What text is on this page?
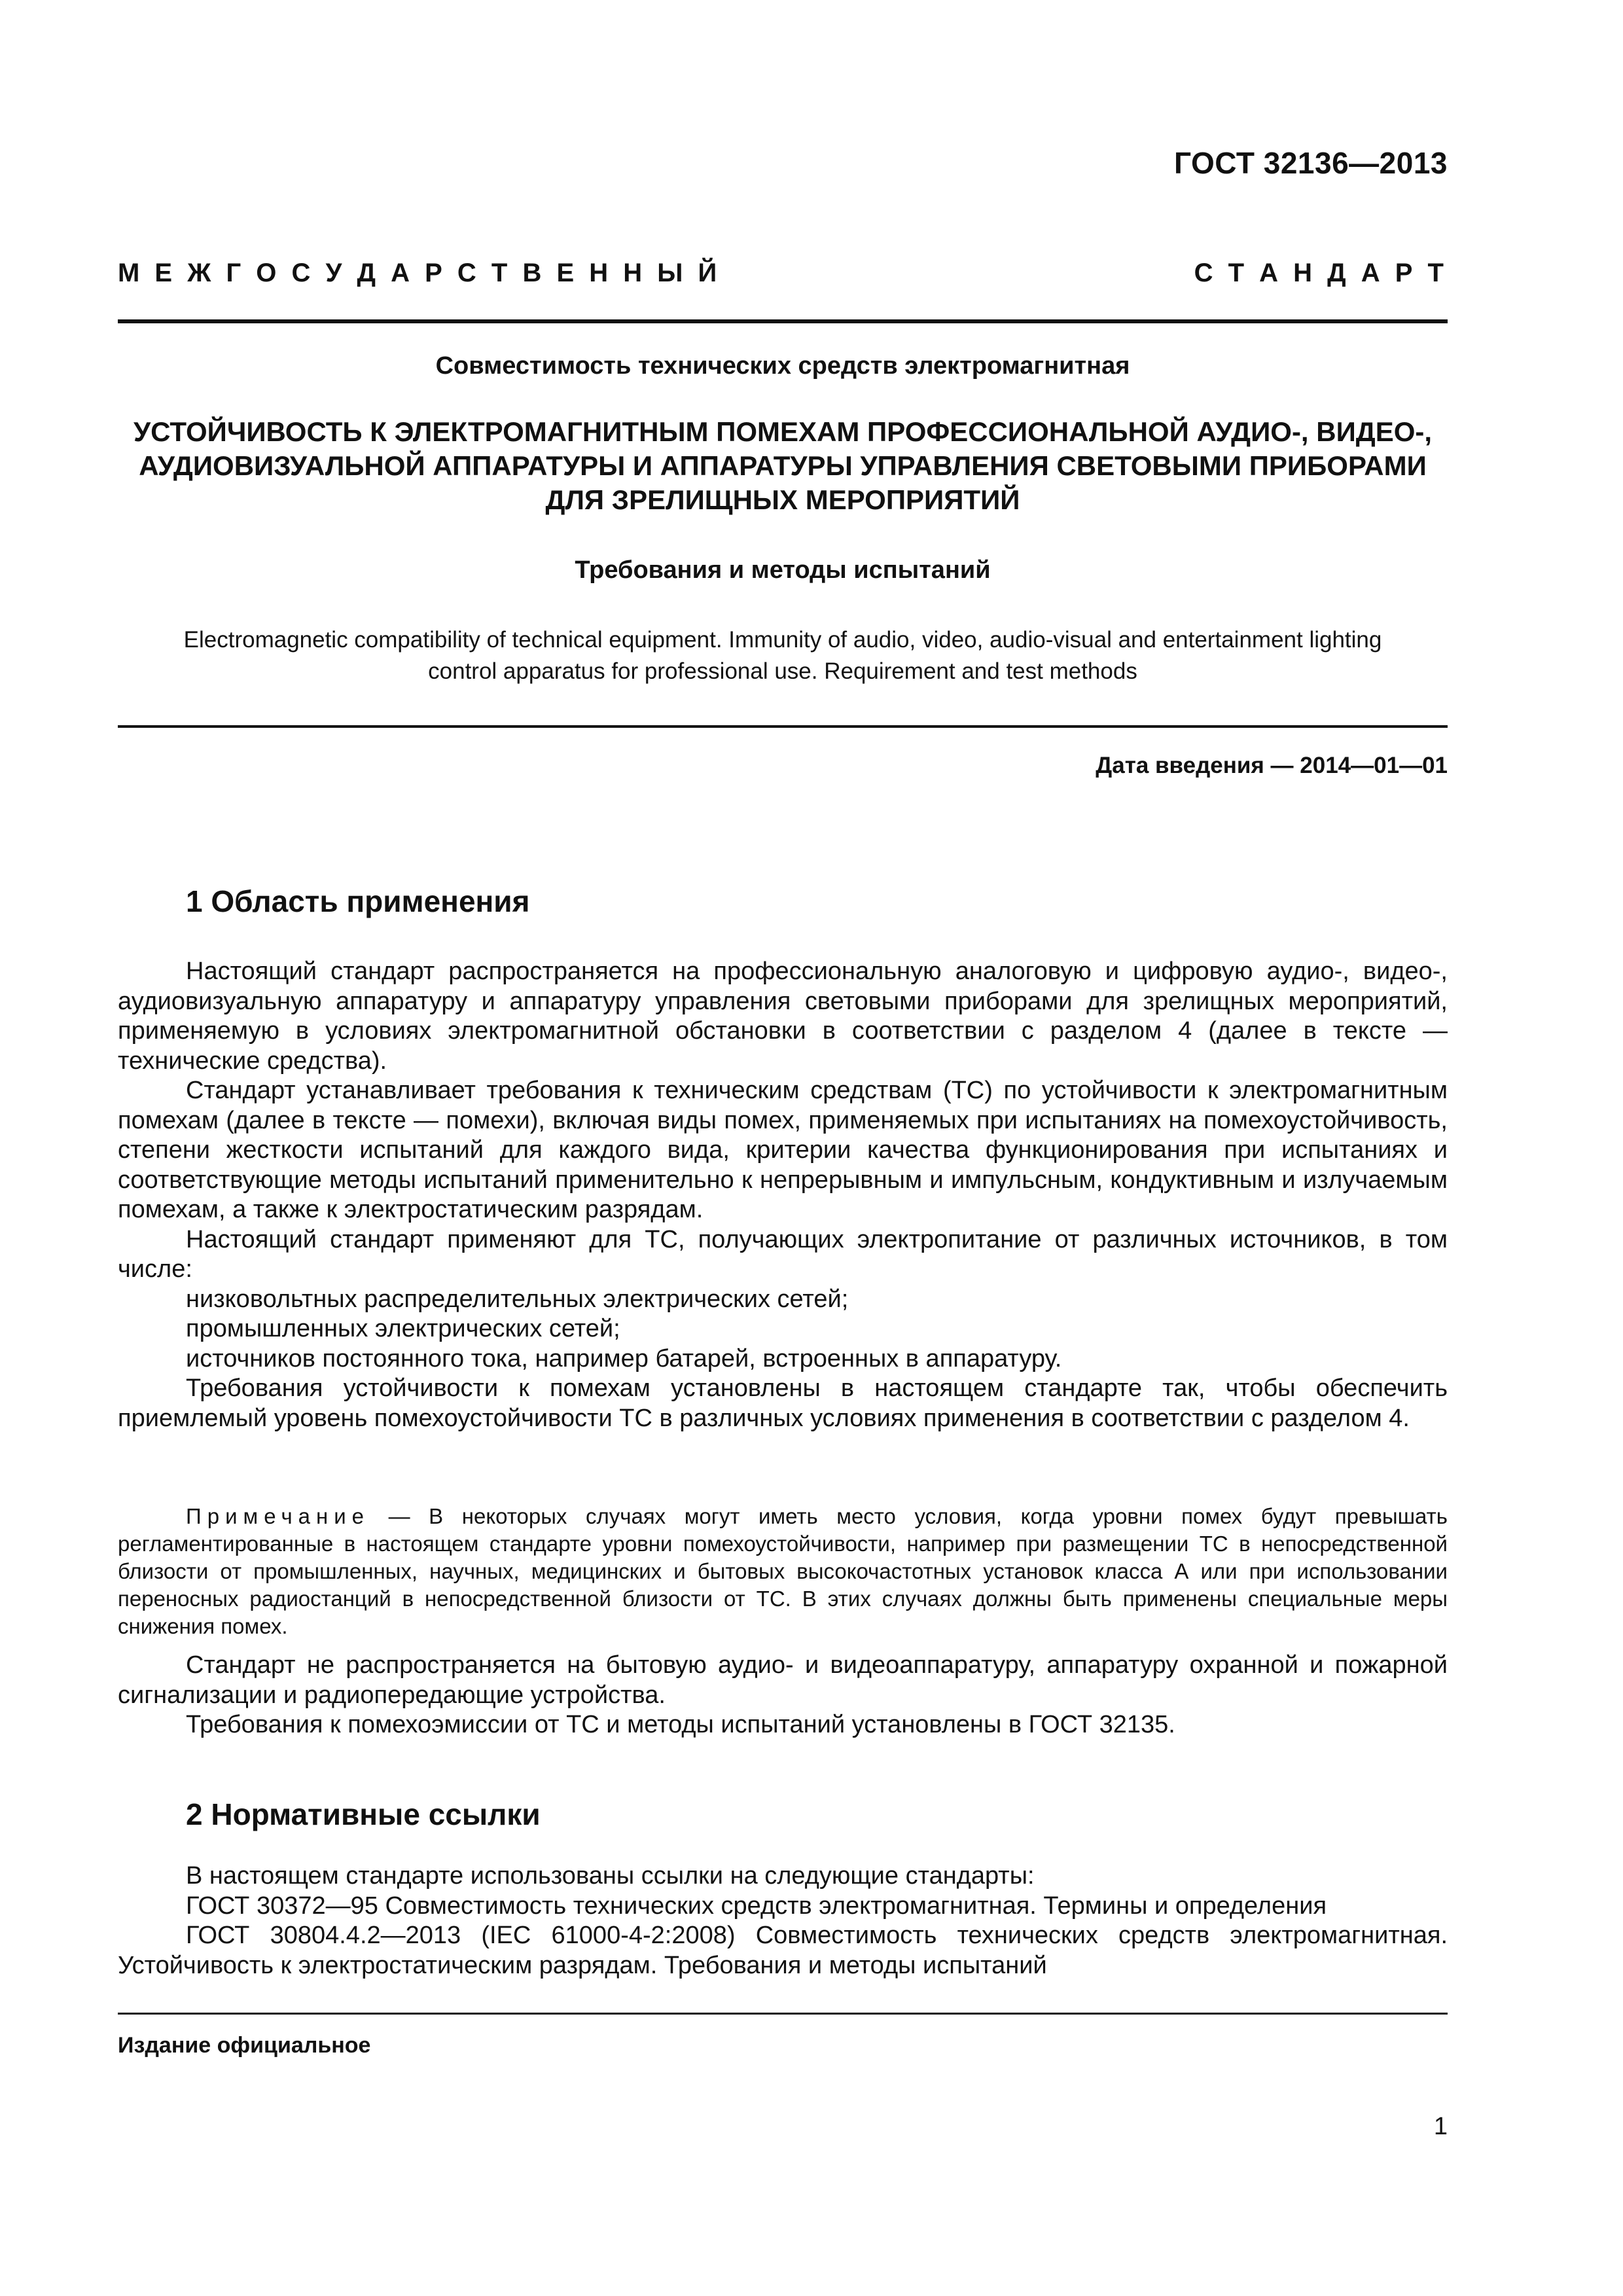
ГОСТ 32136—2013
М Е Ж Г О С У Д А Р С Т В Е Н Н Ы Й	С Т А Н Д А Р Т
Совместимость технических средств электромагнитная
УСТОЙЧИВОСТЬ К ЭЛЕКТРОМАГНИТНЫМ ПОМЕХАМ ПРОФЕССИОНАЛЬНОЙ АУДИО-, ВИДЕО-,
АУДИОВИЗУАЛЬНОЙ АППАРАТУРЫ И АППАРАТУРЫ УПРАВЛЕНИЯ СВЕТОВЫМИ ПРИБОРАМИ
ДЛЯ ЗРЕЛИЩНЫХ МЕРОПРИЯТИЙ
Требования и методы испытаний
Electromagnetic compatibility of technical equipment. Immunity of audio, video, audio-visual and entertainment lighting
control apparatus for professional use. Requirement and test methods
Дата введения — 2014—01—01
1 Область применения

Настоящий стандарт распространяется на профессиональную аналоговую и цифровую аудио-, видео-, аудиовизуальную аппаратуру и аппаратуру управления световыми приборами для зрелищных мероприятий, применяемую в условиях электромагнитной обстановки в соответствии с разделом 4 (далее в тексте — технические средства).

Стандарт устанавливает требования к техническим средствам (ТС) по устойчивости к электромагнитным помехам (далее в тексте — помехи), включая виды помех, применяемых при испытаниях на помехоустойчивость, степени жесткости испытаний для каждого вида, критерии качества функционирования при испытаниях и соответствующие методы испытаний применительно к непрерывным и импульсным, кондуктивным и излучаемым помехам, а также к электростатическим разрядам.

Настоящий стандарт применяют для ТС, получающих электропитание от различных источников, в том числе:

низковольтных распределительных электрических сетей;

промышленных электрических сетей;

источников постоянного тока, например батарей, встроенных в аппаратуру.

Требования устойчивости к помехам установлены в настоящем стандарте так, чтобы обеспечить приемлемый уровень помехоустойчивости ТС в различных условиях применения в соответствии с разделом 4.

Примечание — В некоторых случаях могут иметь место условия, когда уровни помех будут превышать регламентированные в настоящем стандарте уровни помехоустойчивости, например при размещении ТС в непосредственной близости от промышленных, научных, медицинских и бытовых высокочастотных установок класса А или при использовании переносных радиостанций в непосредственной близости от ТС. В этих случаях должны быть применены специальные меры снижения помех.

Стандарт не распространяется на бытовую аудио- и видеоаппаратуру, аппаратуру охранной и пожарной сигнализации и радиопередающие устройства.

Требования к помехоэмиссии от ТС и методы испытаний установлены в ГОСТ 32135.

2 Нормативные ссылки

В настоящем стандарте использованы ссылки на следующие стандарты:

ГОСТ 30372—95 Совместимость технических средств электромагнитная. Термины и определения

ГОСТ 30804.4.2—2013 (IEC 61000-4-2:2008) Совместимость технических средств электромагнитная. Устойчивость к электростатическим разрядам. Требования и методы испытаний

Издание официальное
1
